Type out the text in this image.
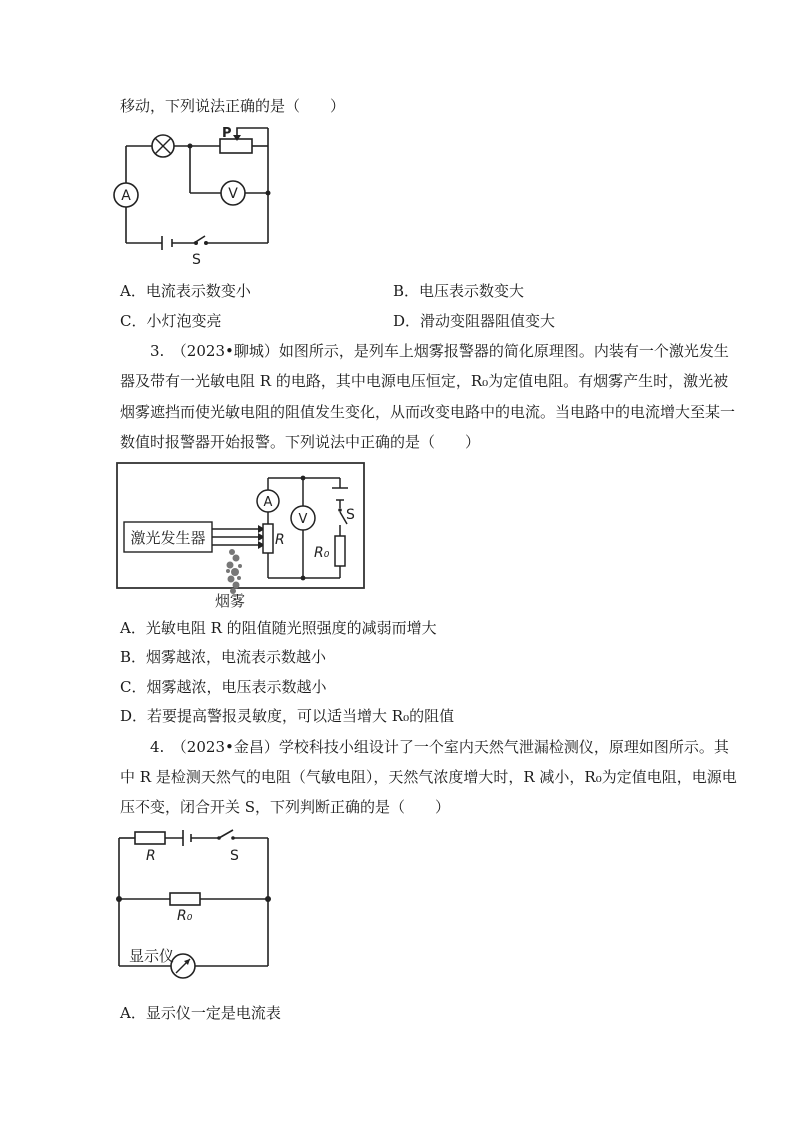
移动，下列说法正确的是（　　）
A	V
P
S
A．电流表示数变小	B．电压表示数变大
C．小灯泡变亮	D．滑动变阻器阻值变大
3.　（2023•聊城）如图所示，是列车上烟雾报警器的简化原理图。内装有一个激光发生
器及带有一光敏电阻 R 的电路，其中电源电压恒定，R₀为定值电阻。有烟雾产生时，激光被
烟雾遮挡而使光敏电阻的阻值发生变化，从而改变电路中的电流。当电路中的电流增大至某一
数值时报警器开始报警。下列说法中正确的是（　　）
激光发生器
A
V
R
S
R₀
烟雾
A．光敏电阻 R 的阻值随光照强度的减弱而增大
B．烟雾越浓，电流表示数越小
C．烟雾越浓，电压表示数越小
D．若要提高警报灵敏度，可以适当增大 R₀的阻值
4.　（2023•金昌）学校科技小组设计了一个室内天然气泄漏检测仪，原理如图所示。其
中 R 是检测天然气的电阻（气敏电阻），天然气浓度增大时，R 减小，R₀为定值电阻，电源电
压不变，闭合开关 S，下列判断正确的是（　　）
R	S
R₀
显示仪
A．显示仪一定是电流表
